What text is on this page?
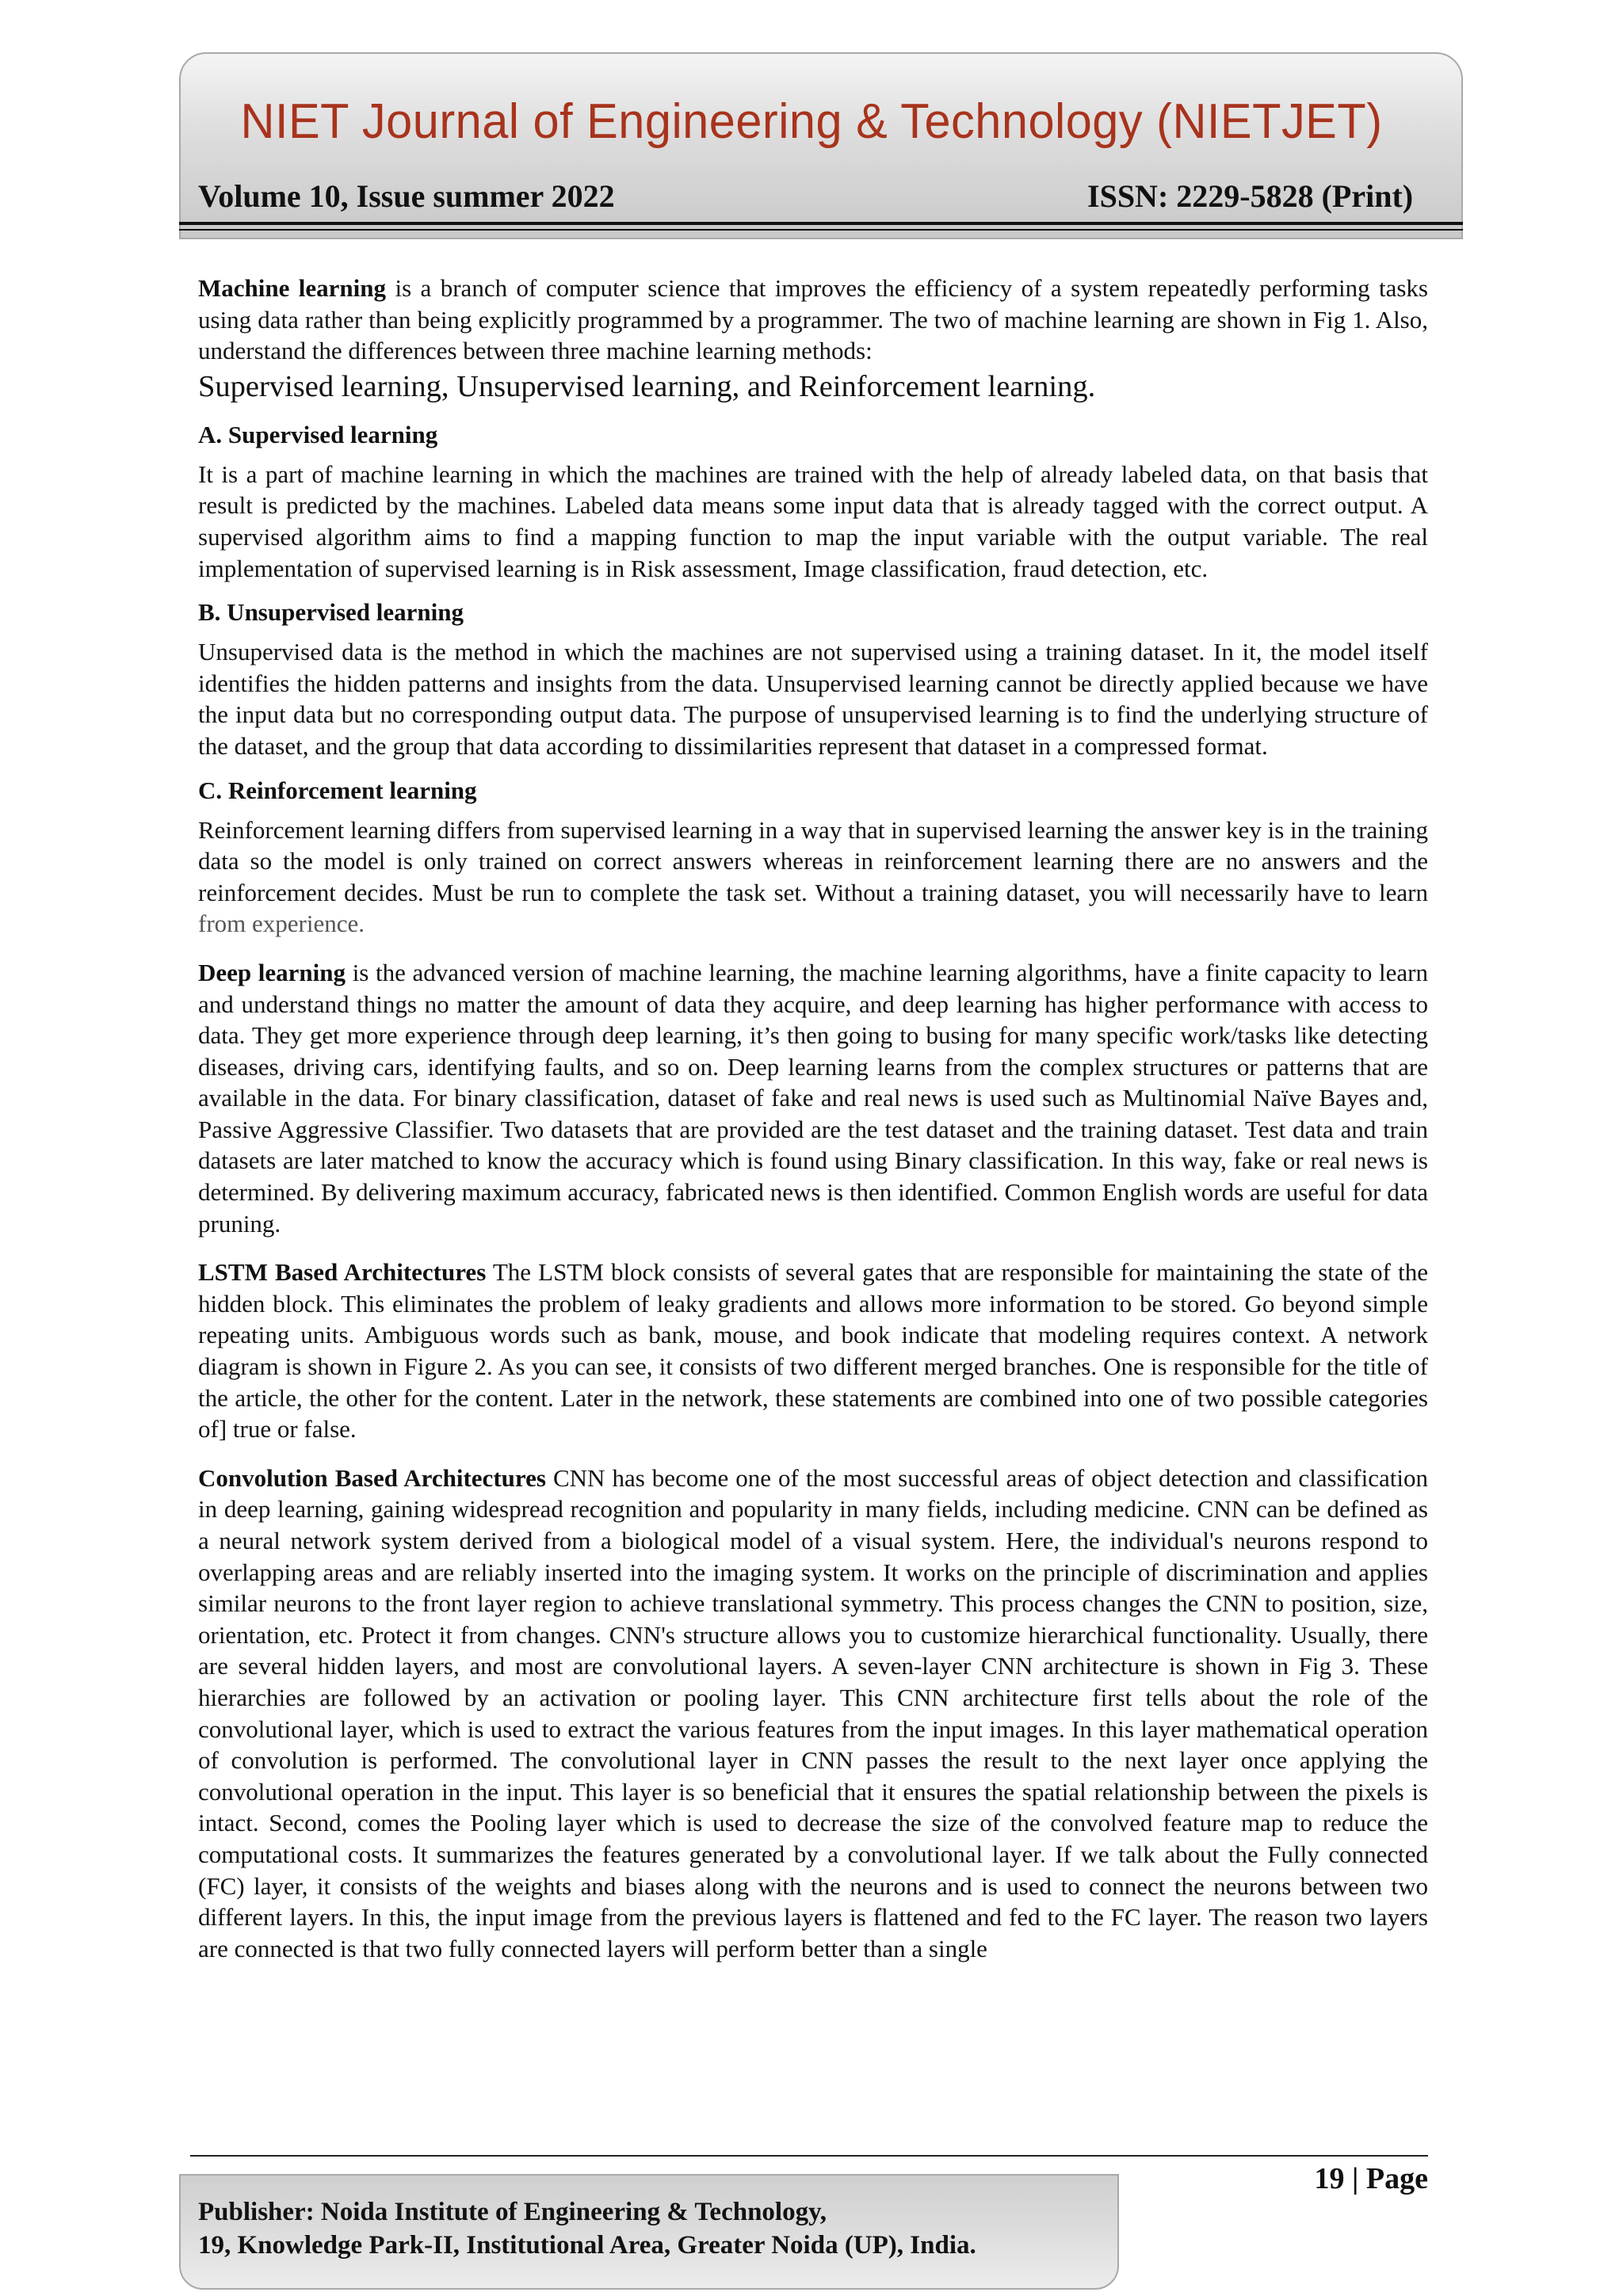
NIET Journal of Engineering & Technology (NIETJET)
Volume 10, Issue summer 2022	ISSN: 2229-5828 (Print)

Machine learning is a branch of computer science that improves the efficiency of a system repeatedly performing tasks using data rather than being explicitly programmed by a programmer. The two of machine learning are shown in Fig 1. Also, understand the differences between three machine learning methods:

Supervised learning, Unsupervised learning, and Reinforcement learning.

A. Supervised learning

It is a part of machine learning in which the machines are trained with the help of already labeled data, on that basis that result is predicted by the machines. Labeled data means some input data that is already tagged with the correct output. A supervised algorithm aims to find a mapping function to map the input variable with the output variable. The real implementation of supervised learning is in Risk assessment, Image classification, fraud detection, etc.

B. Unsupervised learning

Unsupervised data is the method in which the machines are not supervised using a training dataset. In it, the model itself identifies the hidden patterns and insights from the data. Unsupervised learning cannot be directly applied because we have the input data but no corresponding output data. The purpose of unsupervised learning is to find the underlying structure of the dataset, and the group that data according to dissimilarities represent that dataset in a compressed format.

C. Reinforcement learning

Reinforcement learning differs from supervised learning in a way that in supervised learning the answer key is in the training data so the model is only trained on correct answers whereas in reinforcement learning there are no answers and the reinforcement decides. Must be run to complete the task set. Without a training dataset, you will necessarily have to learn from experience.

Deep learning is the advanced version of machine learning, the machine learning algorithms, have a finite capacity to learn and understand things no matter the amount of data they acquire, and deep learning has higher performance with access to data. They get more experience through deep learning, it’s then going to busing for many specific work/tasks like detecting diseases, driving cars, identifying faults, and so on. Deep learning learns from the complex structures or patterns that are available in the data. For binary classification, dataset of fake and real news is used such as Multinomial Naïve Bayes and, Passive Aggressive Classifier. Two datasets that are provided are the test dataset and the training dataset. Test data and train datasets are later matched to know the accuracy which is found using Binary classification. In this way, fake or real news is determined. By delivering maximum accuracy, fabricated news is then identified. Common English words are useful for data pruning.

LSTM Based Architectures The LSTM block consists of several gates that are responsible for maintaining the state of the hidden block. This eliminates the problem of leaky gradients and allows more information to be stored. Go beyond simple repeating units. Ambiguous words such as bank, mouse, and book indicate that modeling requires context. A network diagram is shown in Figure 2. As you can see, it consists of two different merged branches. One is responsible for the title of the article, the other for the content. Later in the network, these statements are combined into one of two possible categories of] true or false.

Convolution Based Architectures CNN has become one of the most successful areas of object detection and classification in deep learning, gaining widespread recognition and popularity in many fields, including medicine. CNN can be defined as a neural network system derived from a biological model of a visual system. Here, the individual's neurons respond to overlapping areas and are reliably inserted into the imaging system. It works on the principle of discrimination and applies similar neurons to the front layer region to achieve translational symmetry. This process changes the CNN to position, size, orientation, etc. Protect it from changes. CNN's structure allows you to customize hierarchical functionality. Usually, there are several hidden layers, and most are convolutional layers. A seven-layer CNN architecture is shown in Fig 3. These hierarchies are followed by an activation or pooling layer. This CNN architecture first tells about the role of the convolutional layer, which is used to extract the various features from the input images. In this layer mathematical operation of convolution is performed. The convolutional layer in CNN passes the result to the next layer once applying the convolutional operation in the input. This layer is so beneficial that it ensures the spatial relationship between the pixels is intact. Second, comes the Pooling layer which is used to decrease the size of the convolved feature map to reduce the computational costs. It summarizes the features generated by a convolutional layer. If we talk about the Fully connected (FC) layer, it consists of the weights and biases along with the neurons and is used to connect the neurons between two different layers. In this, the input image from the previous layers is flattened and fed to the FC layer. The reason two layers are connected is that two fully connected layers will perform better than a single

19 | Page
Publisher: Noida Institute of Engineering & Technology,
19, Knowledge Park-II, Institutional Area, Greater Noida (UP), India.
